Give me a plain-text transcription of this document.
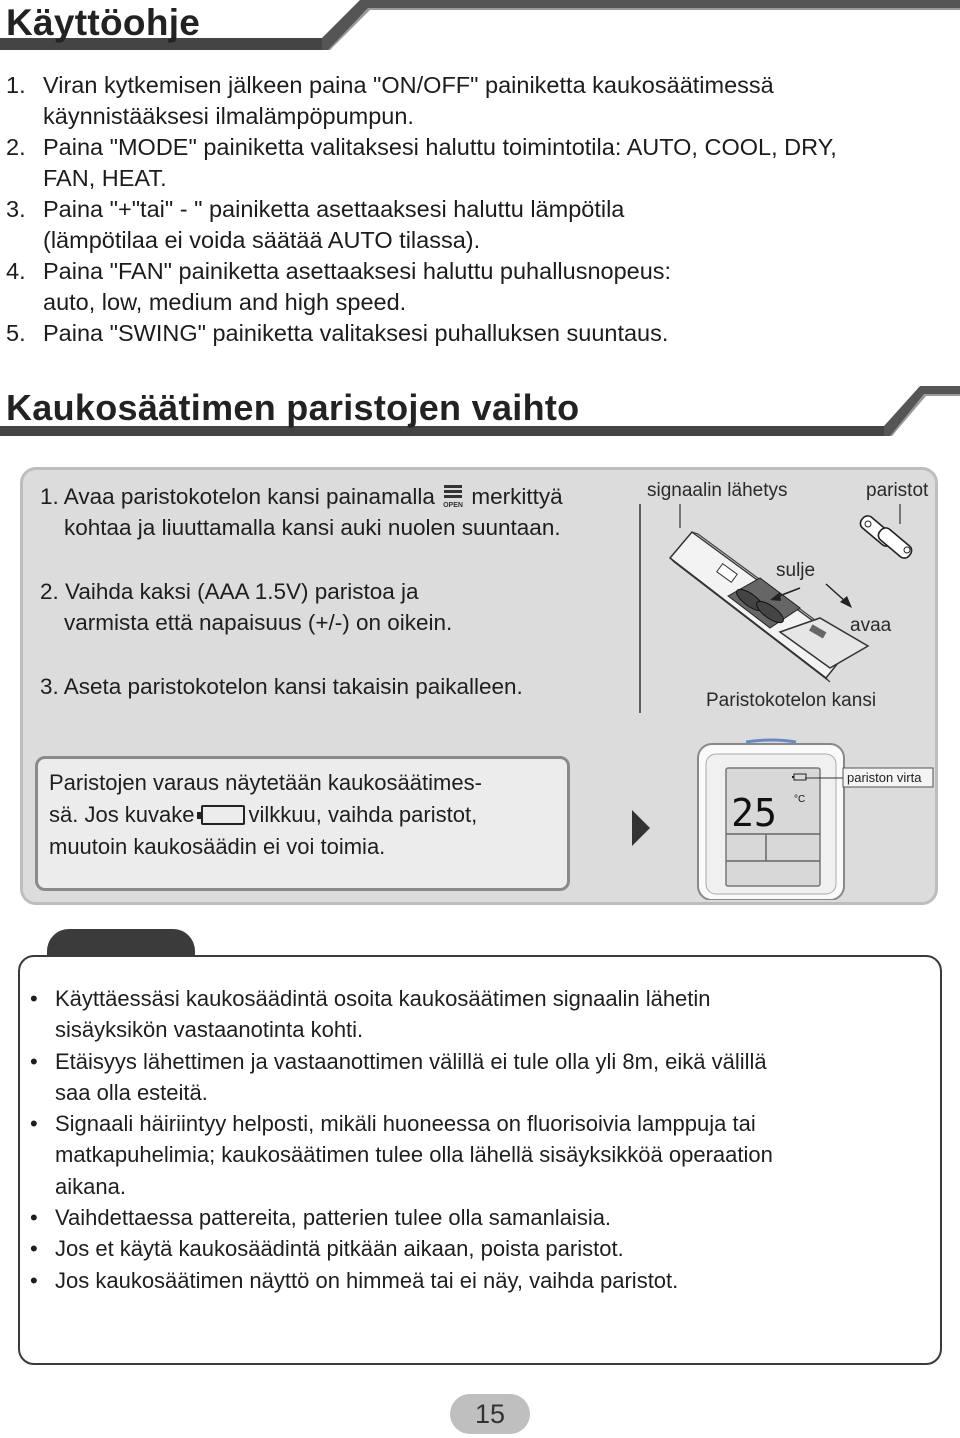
Käyttöohje
1. Viran kytkemisen jälkeen paina "ON/OFF" painiketta kaukosäätimessä
käynnistääksesi ilmalämpöpumpun.
2. Paina "MODE" painiketta valitaksesi haluttu toimintotila: AUTO, COOL, DRY,
FAN, HEAT.
3. Paina "+"tai" - " painiketta asettaaksesi haluttu lämpötila
(lämpötilaa ei voida säätää AUTO tilassa).
4. Paina "FAN" painiketta asettaaksesi haluttu puhallusnopeus:
auto, low, medium and high speed.
5. Paina "SWING" painiketta valitaksesi puhalluksen suuntaus.
Kaukosäätimen paristojen vaihto
1. Avaa paristokotelon kansi painamalla OPEN merkittyä
kohtaa ja liuuttamalla kansi auki nuolen suuntaan.
2. Vaihda kaksi (AAA 1.5V) paristoa ja
varmista että napaisuus (+/-) on oikein.
3. Aseta paristokotelon kansi takaisin paikalleen.
signaalin lähetys	paristot
sulje
avaa
Paristokotelon kansi
Paristojen varaus näytetään kaukosäätimes-
sä. Jos kuvake vilkkuu, vaihda paristot,
muutoin kaukosäädin ei voi toimia.
25 °C
pariston virta
• Käyttäessäsi kaukosäädintä osoita kaukosäätimen signaalin lähetin
sisäyksikön vastaanotinta kohti.
• Etäisyys lähettimen ja vastaanottimen välillä ei tule olla yli 8m, eikä välillä
saa olla esteitä.
• Signaali häiriintyy helposti, mikäli huoneessa on fluorisoivia lamppuja tai
matkapuhelimia; kaukosäätimen tulee olla lähellä sisäyksikköä operaation
aikana.
• Vaihdettaessa pattereita, patterien tulee olla samanlaisia.
• Jos et käytä kaukosäädintä pitkään aikaan, poista paristot.
• Jos kaukosäätimen näyttö on himmeä tai ei näy, vaihda paristot.
15
